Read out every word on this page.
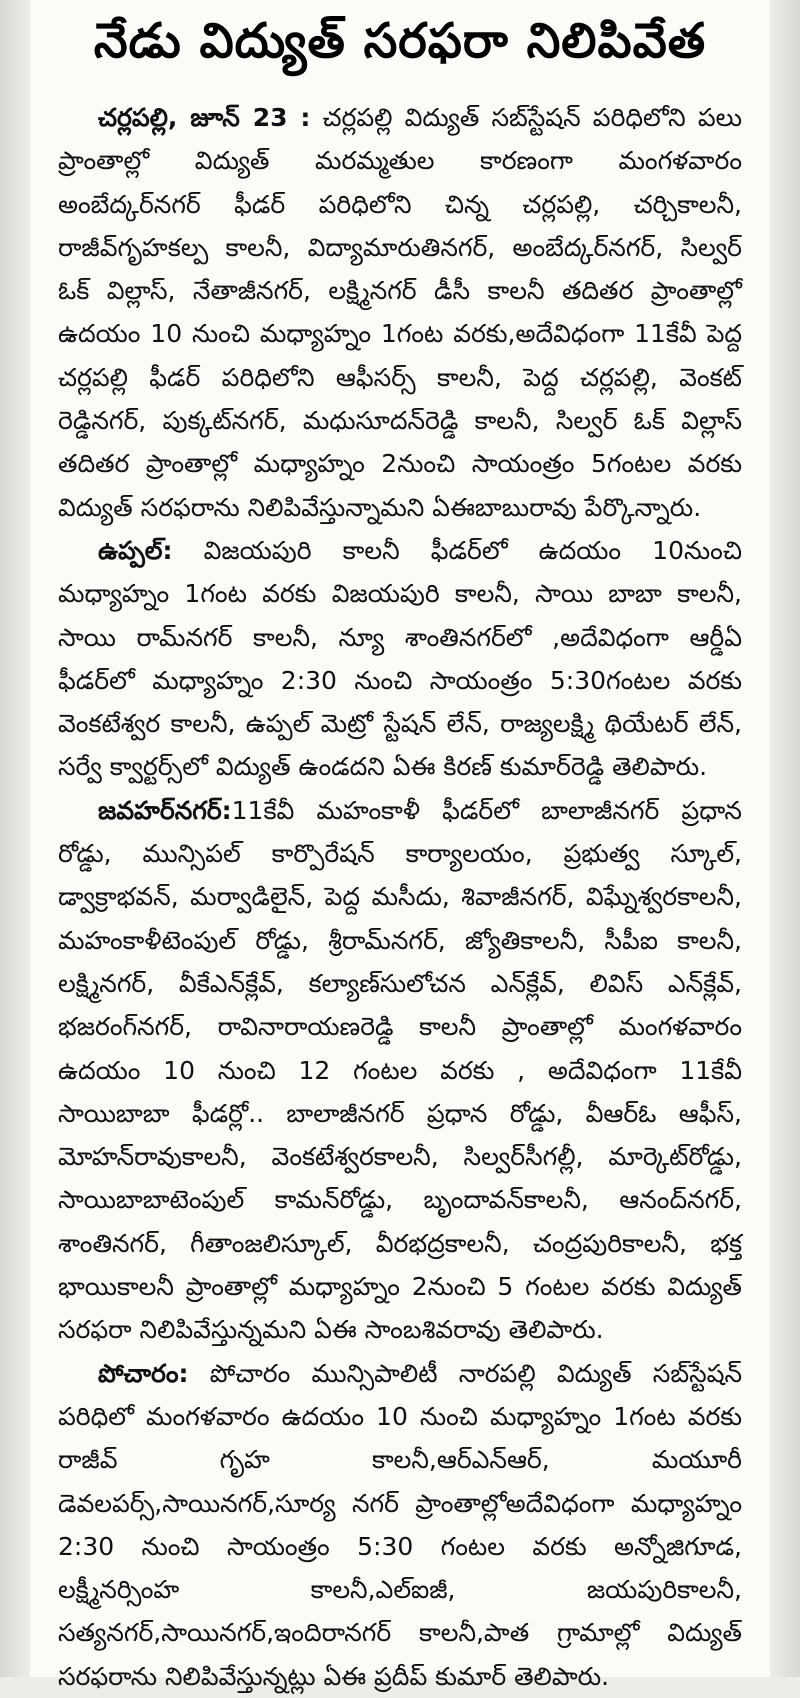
నేడు విద్యుత్ సరఫరా నిలిపివేత

చర్లపల్లి, జూన్ 23 : చర్లపల్లి విద్యుత్ సబ్‌స్టేషన్ పరిధిలోని పలు ప్రాంతాల్లో విద్యుత్ మరమ్మతుల కారణంగా మంగళవారం అంబేద్కర్‌నగర్ ఫీడర్ పరిధిలోని చిన్న చర్లపల్లి, చర్చికాలనీ, రాజీవ్‌గృహకల్ప కాలనీ, విద్యామారుతినగర్, అంబేద్కర్‌నగర్, సిల్వర్ ఓక్ విల్లాస్, నేతాజీనగర్, లక్ష్మినగర్ డీసీ కాలనీ తదితర ప్రాంతాల్లో ఉదయం 10 నుంచి మధ్యాహ్నం 1గంట వరకు,అదేవిధంగా 11కేవీ పెద్ద చర్లపల్లి ఫీడర్ పరిధిలోని ఆఫీసర్స్ కాలనీ, పెద్ద చర్లపల్లి, వెంకట్ రెడ్డినగర్, పుక్కట్‌నగర్, మధుసూదన్‌రెడ్డి కాలనీ, సిల్వర్ ఓక్ విల్లాస్ తదితర ప్రాంతాల్లో మధ్యాహ్నం 2నుంచి సాయంత్రం 5గంటల వరకు విద్యుత్ సరఫరాను నిలిపివేస్తున్నామని ఏఈబాబురావు పేర్కొన్నారు.

ఉప్పల్: విజయపురి కాలనీ ఫీడర్‌లో ఉదయం 10నుంచి మధ్యాహ్నం 1గంట వరకు విజయపురి కాలనీ, సాయి బాబా కాలనీ, సాయి రామ్‌నగర్ కాలనీ, న్యూ శాంతినగర్‌లో ,అదేవిధంగా ఆర్డీఏ ఫీడర్‌లో మధ్యాహ్నం 2:30 నుంచి సాయంత్రం 5:30గంటల వరకు వెంకటేశ్వర కాలనీ, ఉప్పల్ మెట్రో స్టేషన్ లేన్, రాజ్యలక్ష్మి థియేటర్ లేన్, సర్వే క్వార్టర్స్‌లో విద్యుత్ ఉండదని ఏఈ కిరణ్ కుమార్‌రెడ్డి తెలిపారు.

జవహర్‌నగర్:11కేవీ మహంకాళీ ఫీడర్‌లో బాలాజీనగర్ ప్రధాన రోడ్డు, మున్సిపల్ కార్పొరేషన్ కార్యాలయం, ప్రభుత్వ స్కూల్, డ్వాక్రాభవన్, మర్వాడిలైన్, పెద్ద మసీదు, శివాజీనగర్, విఘ్నేశ్వరకాలనీ, మహంకాళీటెంపుల్ రోడ్డు, శ్రీరామ్‌నగర్, జ్యోతికాలనీ, సీపీఐ కాలనీ, లక్ష్మినగర్, వీకేఎన్‌క్లేవ్, కల్యాణ్‌సులోచన ఎన్‌క్లేవ్, లివిస్ ఎన్‌క్లేవ్, భజరంగ్‌నగర్, రావినారాయణరెడ్డి కాలనీ ప్రాంతాల్లో మంగళవారం ఉదయం 10 నుంచి 12 గంటల వరకు , అదేవిధంగా 11కేవీ సాయిబాబా ఫీడర్లో.. బాలాజీనగర్ ప్రధాన రోడ్డు, వీఆర్‌ఓ ఆఫీస్, మోహన్‌రావుకాలనీ, వెంకటేశ్వరకాలనీ, సిల్వర్‌సీగల్లీ, మార్కెట్‌రోడ్డు, సాయిబాబాటెంపుల్ కామన్‌రోడ్డు, బృందావన్‌కాలనీ, ఆనంద్‌నగర్, శాంతినగర్, గీతాంజలిస్కూల్, వీరభద్రకాలనీ, చంద్రపురికాలనీ, భక్త భాయికాలనీ ప్రాంతాల్లో మధ్యాహ్నం 2నుంచి 5 గంటల వరకు విద్యుత్ సరఫరా నిలిపివేస్తున్నమని ఏఈ సాంబశివరావు తెలిపారు.

పోచారం: పోచారం మున్సిపాలిటీ నారపల్లి విద్యుత్ సబ్‌స్టేషన్ పరిధిలో మంగళవారం ఉదయం 10 నుంచి మధ్యాహ్నం 1గంట వరకు రాజీవ్ గృహ కాలనీ,ఆర్ఎన్ఆర్, మయూరీ డెవలపర్స్,సాయినగర్,సూర్య నగర్ ప్రాంతాల్లోఅదేవిధంగా మధ్యాహ్నం 2:30 నుంచి సాయంత్రం 5:30 గంటల వరకు అన్నోజిగూడ, లక్ష్మీనర్సింహ కాలనీ,ఎల్ఐజీ, జయపురికాలనీ, సత్యనగర్,సాయినగర్,ఇందిరానగర్ కాలనీ,పాత గ్రామాల్లో విద్యుత్ సరఫరాను నిలిపివేస్తున్నట్లు ఏఈ ప్రదీప్ కుమార్ తెలిపారు.
